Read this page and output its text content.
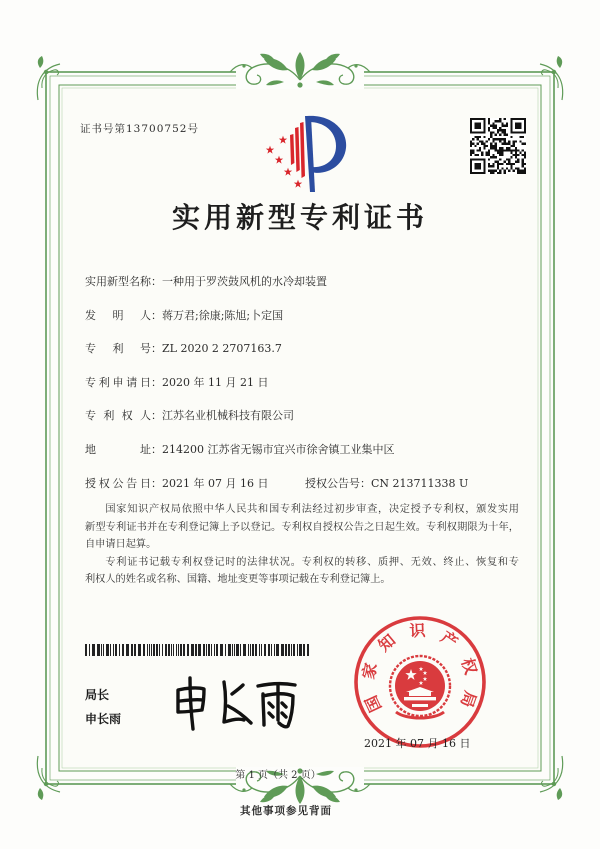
证书号第13700752号
实用新型专利证书
实用新型名称：一种用于罗茨鼓风机的水冷却装置
发明人：蒋万君;徐康;陈旭;卜定国
专利号：ZL 2020 2 2707163.7
专利申请日：2020 年 11 月 21 日
专利权人：江苏名业机械科技有限公司
地址：214200 江苏省无锡市宜兴市徐舍镇工业集中区
授权公告日：2021 年 07 月 16 日	授权公告号：CN 213711338 U
国家知识产权局依照中华人民共和国专利法经过初步审查，决定授予专利权，颁发实用
新型专利证书并在专利登记簿上予以登记。专利权自授权公告之日起生效。专利权期限为十年，
自申请日起算。
专利证书记载专利权登记时的法律状况。专利权的转移、质押、无效、终止、恢复和专
利权人的姓名或名称、国籍、地址变更等事项记载在专利登记簿上。
局长
申长雨
国家知识产权局
2021 年 07 月 16 日
第 1 页（共 2 页）
其他事项参见背面
